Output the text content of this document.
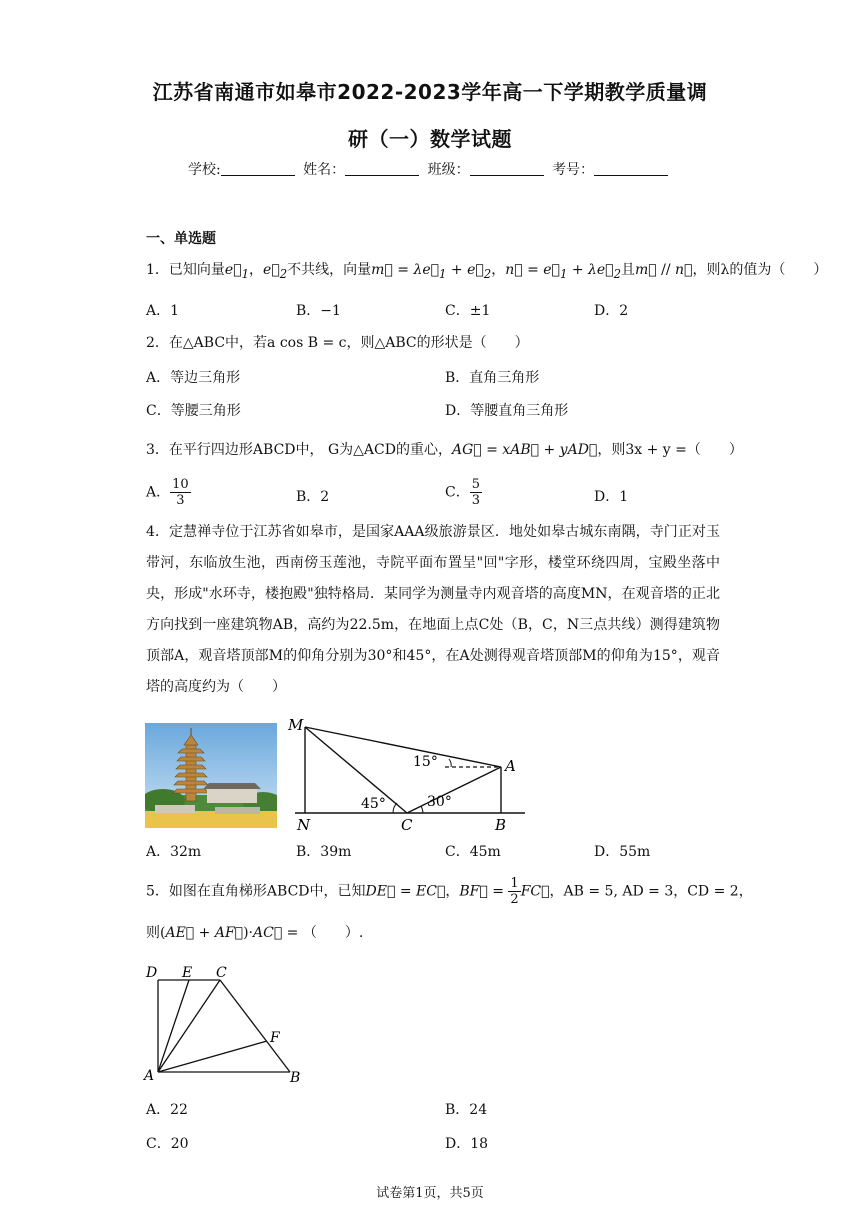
江苏省南通市如皋市2022-2023学年高一下学期教学质量调
研（一）数学试题
学校:	姓名：	班级：	考号：
一、单选题
1．已知向量$e⃗_1$，$e⃗_2$不共线，向量m⃗ = $\lambda e⃗_1$ + $e⃗_2$，n⃗ = $e⃗_1$ + $\lambda e⃗_2$且m⃗ // n⃗，则λ的值为（　　）
A．1	B．−1	C．±1	D．2
2．在△ABC中，若a cos B = c，则△ABC的形状是（　　）
A．等边三角形	B．直角三角形
C．等腰三角形	D．等腰直角三角形
3．在平行四边形ABCD中， G为△ACD的重心，AG⃗ = xAB⃗ + yAD⃗，则3x + y =（　　）
A． $\frac{10}{3}$	B．2	C． $\frac{5}{3}$	D．1
4．定慧禅寺位于江苏省如皋市，是国家AAA级旅游景区．地处如皋古城东南隅，寺门正对玉带河，东临放生池，西南傍玉莲池，寺院平面布置呈"回"字形，楼堂环绕四周，宝殿坐落中央，形成"水环寺，楼抱殿"独特格局．某同学为测量寺内观音塔的高度MN，在观音塔的正北方向找到一座建筑物AB，高约为22.5m，在地面上点C处（B，C，N三点共线）测得建筑物顶部A，观音塔顶部M的仰角分别为30°和45°，在A处测得观音塔顶部M的仰角为15°，观音塔的高度约为（　　）
M
A
N	C	B
15°
45°	30°
A．32m	B．39m	C．45m	D．55m
5．如图在直角梯形ABCD中，已知DE⃗ = EC⃗，BF⃗ = $\frac{1}{2}$ FC⃗，AB = 5, AD = 3，CD = 2，
则(AE⃗ + AF⃗)·AC⃗ = （　　）.
D E C
F
A	B
A．22	B．24
C．20	D．18
试卷第1页，共5页
